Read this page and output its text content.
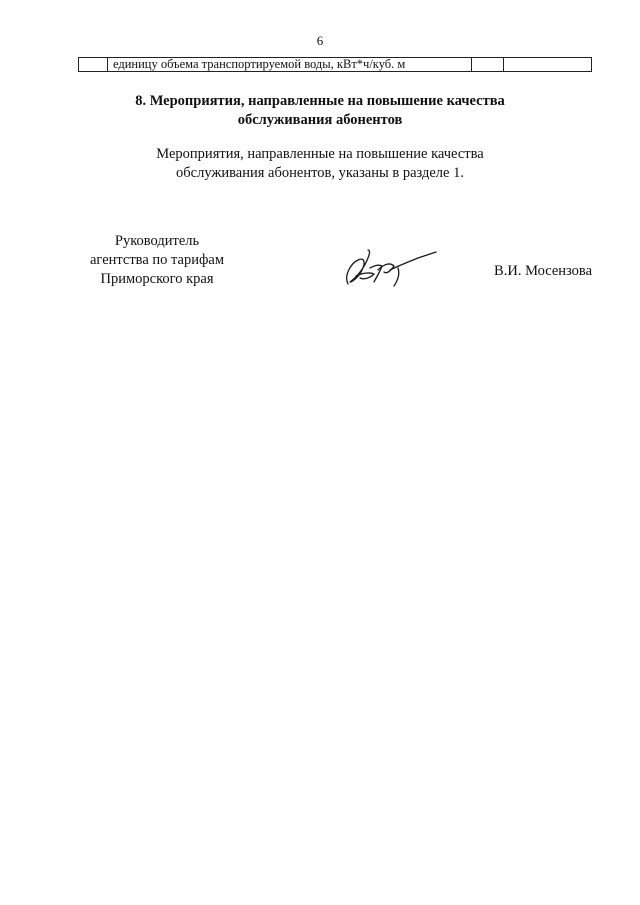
6
единицу объема транспортируемой воды, кВт*ч/куб. м
8. Мероприятия, направленные на повышение качества
обслуживания абонентов
Мероприятия, направленные на повышение качества
обслуживания абонентов, указаны в разделе 1.
Руководитель
агентства по тарифам
Приморского края	В.И. Мосензова
